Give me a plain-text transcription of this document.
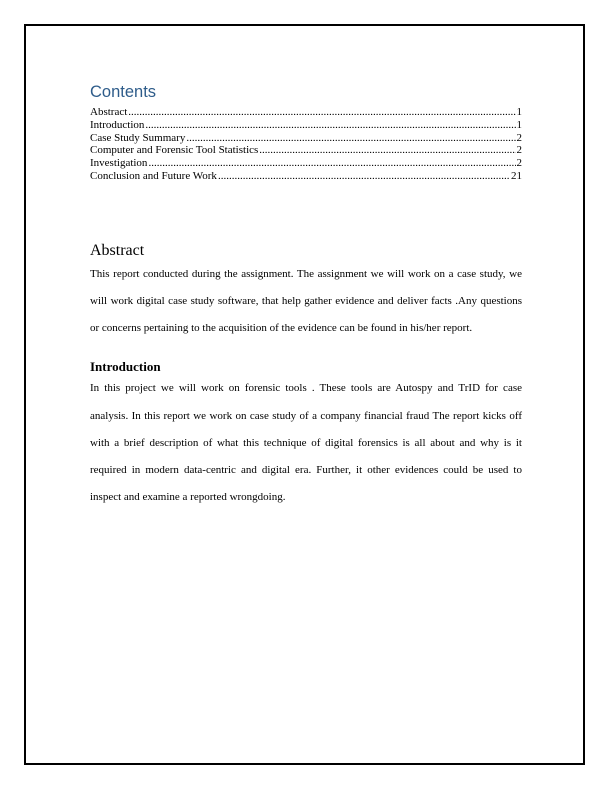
Contents
Abstract .....	1
Introduction .....	1
Case Study Summary .....	2
Computer and Forensic Tool Statistics .....	2
Investigation .....	2
Conclusion and Future Work .....	21
Abstract

This report conducted during the assignment. The assignment we will work on a case study, we will work digital case study software, that help gather evidence and deliver facts .Any questions or concerns pertaining to the acquisition of the evidence can be found in his/her report.

Introduction

In this project we will work on forensic tools . These tools are Autospy and TrID for case analysis. In this report we work on case study of a company financial fraud The report kicks off with a brief description of what this technique of digital forensics is all about and why is it required in modern data-centric and digital era. Further, it other evidences could be used to inspect and examine a reported wrongdoing.
